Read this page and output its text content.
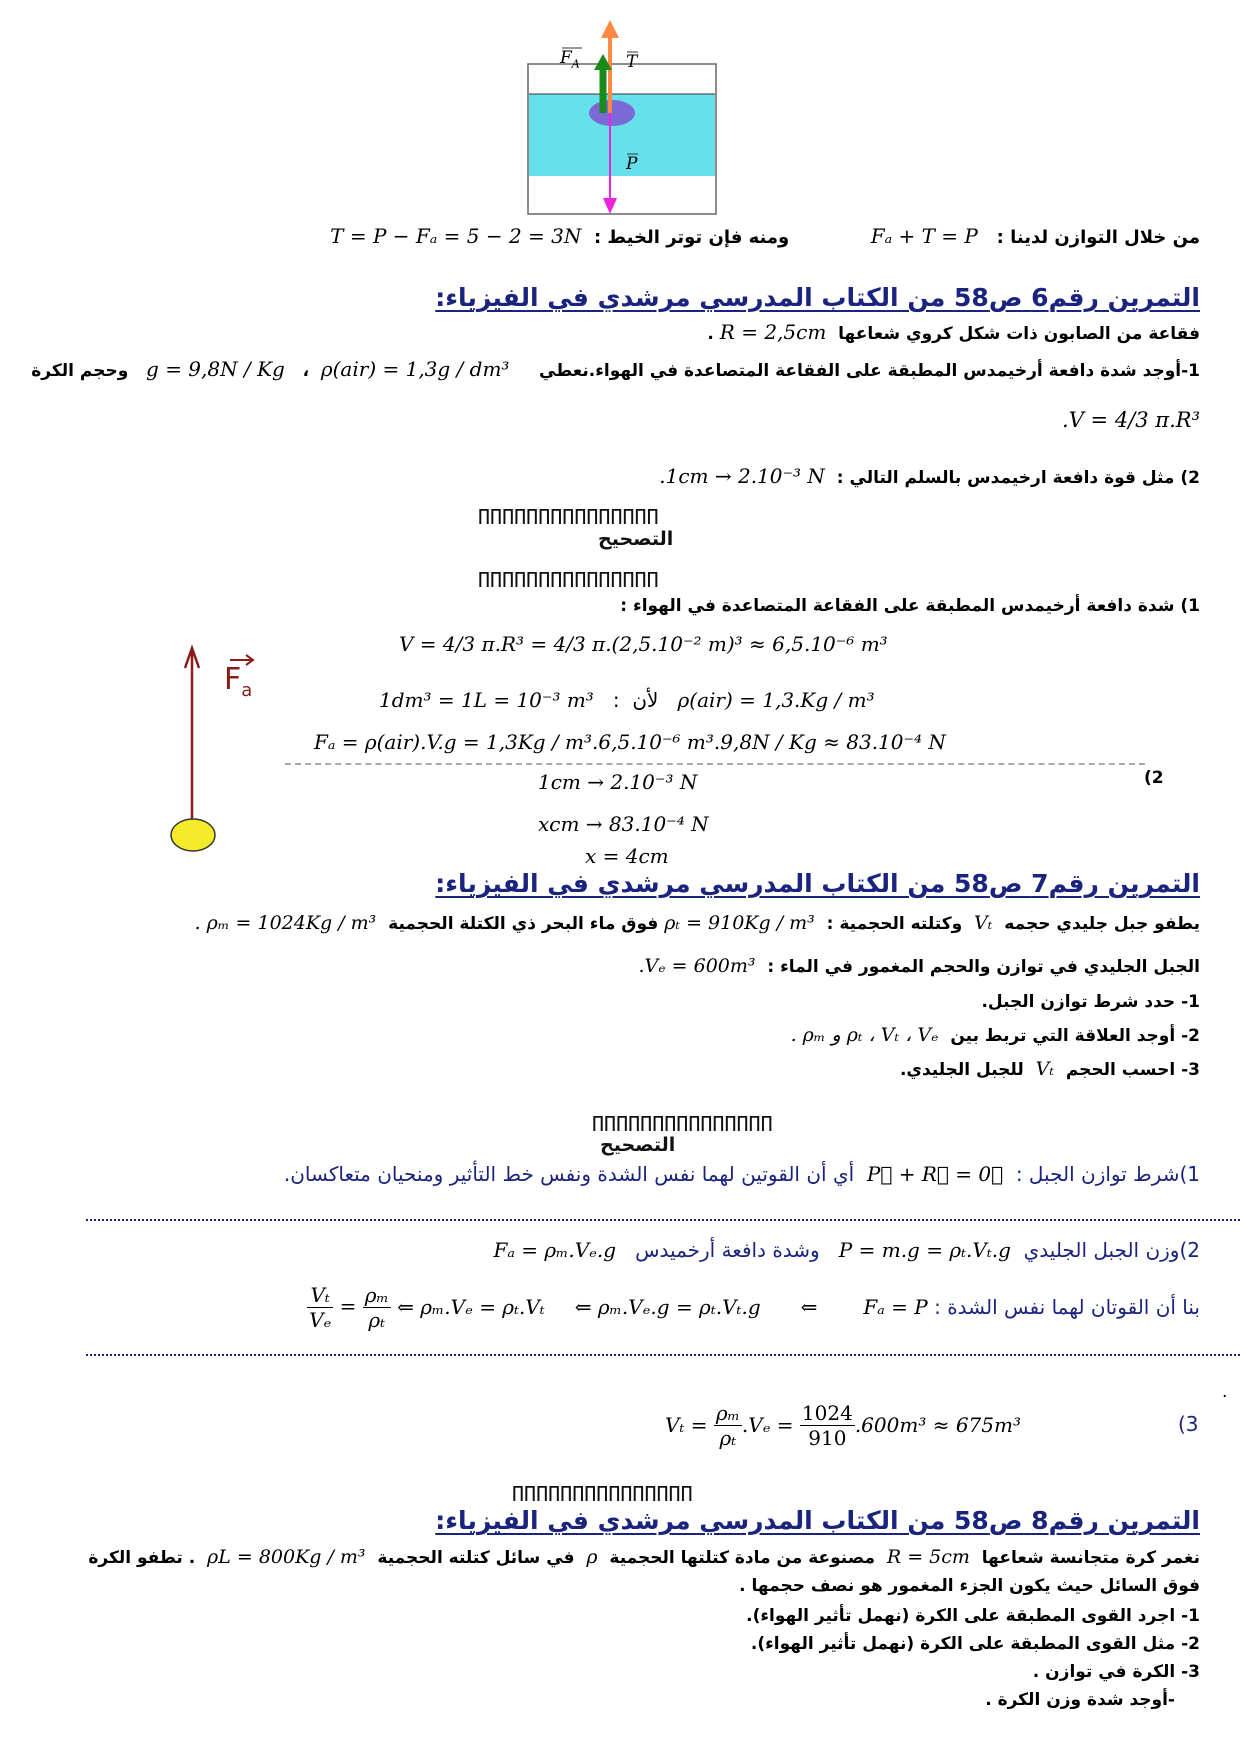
$F_A$	T
P
من خلال التوازن لدينا :   Fₐ + T = P             ومنه فإن توتر الخيط :  T = P − Fₐ = 5 − 2 = 3N
التمرين رقم6 ص58 من الكتاب المدرسي مرشدي في الفيزياء:
فقاعة من الصابون ذات شكل كروي شعاعها  R = 2,5cm .
1-أوجد شدة دافعة أرخيمدس المطبقة على الفقاعة المتصاعدة في الهواء.نعطي     ρ(air) = 1,3g / dm³  ،   g = 9,8N / Kg   وحجم الكرة
.V = 4/3 π.R³
2) مثل قوة دافعة ارخيمدس بالسلم التالي :  .1cm → 2.10⁻³ N
ППППППППППППППП
التصحيح
ППППППППППППППП
1) شدة دافعة أرخيمدس المطبقة على الفقاعة المتصاعدة في الهواء :
$F_a$
V = 4/3 π.R³ = 4/3 π.(2,5.10⁻² m)³ ≈ 6,5.10⁻⁶ m³
1dm³ = 1L = 10⁻³ m³   :  لأن ρ(air) = 1,3.Kg / m³
Fₐ = ρ(air).V.g = 1,3Kg / m³.6,5.10⁻⁶ m³.9,8N / Kg ≈ 83.10⁻⁴ N
(2
1cm → 2.10⁻³ N
xcm → 83.10⁻⁴ N
x = 4cm
التمرين رقم7 ص58 من الكتاب المدرسي مرشدي في الفيزياء:
يطفو جبل جليدي حجمه  Vₜ  وكتلته الحجمية :  ρₜ = 910Kg / m³ فوق ماء البحر ذي الكتلة الحجمية  . ρₘ = 1024Kg / m³
الجبل الجليدي في توازن والحجم المغمور في الماء :  .Vₑ = 600m³
1- حدد شرط توازن الجبل.
2- أوجد العلاقة التي تربط بين  . ρₘ و ρₜ ، Vₜ ، Vₑ
3- احسب الحجم  Vₜ  للجبل الجليدي.
ППППППППППППППП
التصحيح
1)شرط توازن الجبل :  P⃗ + R⃗ = 0⃗  أي أن القوتين لهما نفس الشدة ونفس خط التأثير ومنحيان متعاكسان.
2)وزن الجبل الجليدي  P = m.g = ρₜ.Vₜ.g   وشدة دافعة أرخميدس   Fₐ = ρₘ.Vₑ.g
بنا أن القوتان لهما نفس الشدة :

Fₐ = P
⇐
ρₘ.Vₑ.g = ρₜ.Vₜ.g

⇐
ρₘ.Vₑ = ρₜ.Vₜ

⇐

$\frac{\text{Vₜ}}{\text{Vₑ}} = \frac{\text{ρₘ}}{\text{ρₜ}}$
.
(3
Vₜ =
$\frac{\text{ρₘ}}{\text{ρₜ}} .V_e$ =
$\frac{1024}{910} .600m^3 \approx 675m^3$
ППППППППППППППП
التمرين رقم8 ص58 من الكتاب المدرسي مرشدي في الفيزياء:
نغمر كرة متجانسة شعاعها  R = 5cm  مصنوعة من مادة كتلتها الحجمية  ρ  في سائل كتلته الحجمية  ρL = 800Kg / m³  . تطفو الكرة
فوق السائل حيث يكون الجزء المغمور هو نصف حجمها .
1- اجرد القوى المطبقة على الكرة (نهمل تأثير الهواء).
2- مثل القوى المطبقة على الكرة (نهمل تأثير الهواء).
3- الكرة في توازن .
-أوجد شدة وزن الكرة .
